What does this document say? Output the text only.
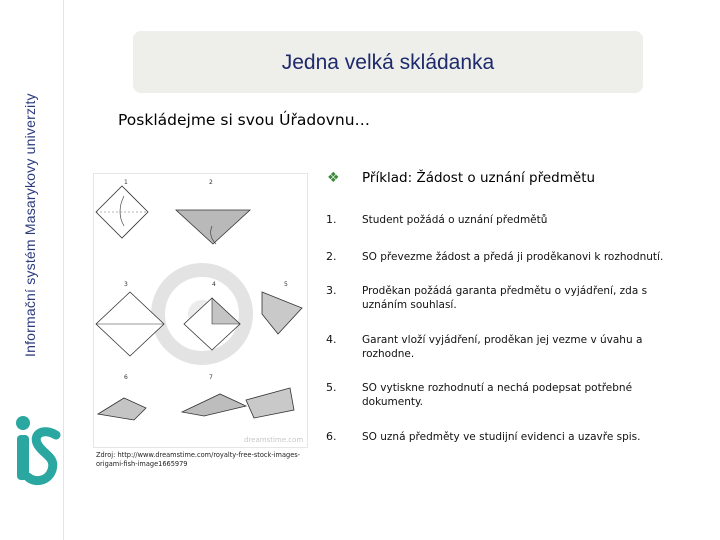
Informační systém Masarykovy univerzity
Jedna velká skládanka
Poskládejme si svou Úřadovnu…
1	2
3	4	5
6	7
dreamstime.com
Zdroj: http://www.dreamstime.com/royalty-free-stock-images-origami-fish-image1665979
❖ Příklad: Žádost o uznání předmětu
1.	Student požádá o uznání předmětů
2.	SO převezme žádost a předá ji proděkanovi k rozhodnutí.
3.	Proděkan požádá garanta předmětu o vyjádření, zda s uznáním souhlasí.
4.	Garant vloží vyjádření, proděkan jej vezme v úvahu a rozhodne.
5.	SO vytiskne rozhodnutí a nechá podepsat potřebné dokumenty.
6.	SO uzná předměty ve studijní evidenci a uzavře spis.
